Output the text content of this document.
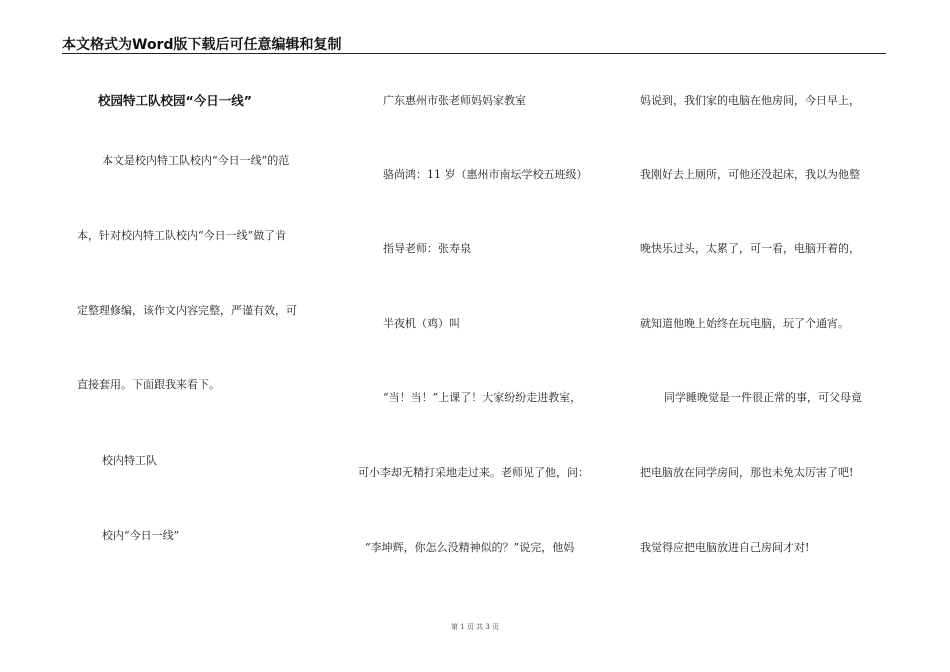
本文格式为Word版下载后可任意编辑和复制
校园特工队校园“今日一线”
本文是校内特工队校内“今日一线”的范
本，针对校内特工队校内“今日一线”做了肯
定整理修编，该作文内容完整，严谨有效，可
直接套用。下面跟我来看下。
校内特工队
校内“今日一线”
广东惠州市张老师妈妈家教室
骆尚鸿：11 岁（惠州市南坛学校五班级）
指导老师：张寿泉
半夜机（鸡）叫
“当！当！”上课了！大家纷纷走进教室，
可小李却无精打采地走过来。老师见了他，问：
“李坤辉，你怎么没精神似的？”说完，他妈
妈说到，我们家的电脑在他房间，今日早上，
我刚好去上厕所，可他还没起床，我以为他整
晚快乐过头，太累了，可一看，电脑开着的，
就知道他晚上始终在玩电脑，玩了个通宵。
同学睡晚觉是一件很正常的事，可父母竟
把电脑放在同学房间，那也未免太厉害了吧!
我觉得应把电脑放进自己房间才对!
第 1 页 共 3 页
